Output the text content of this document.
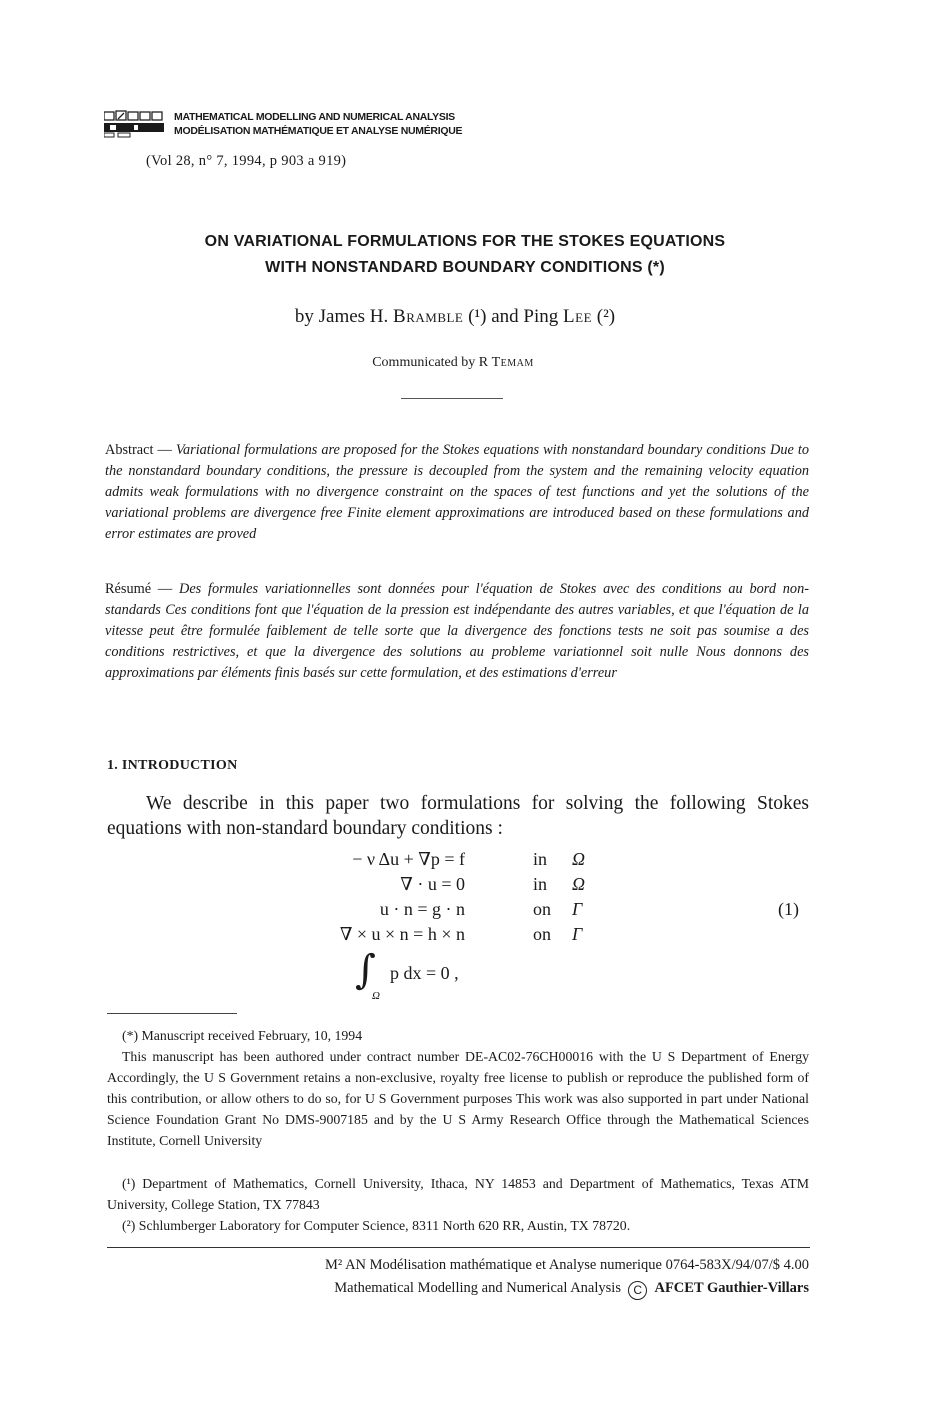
MATHEMATICAL MODELLING AND NUMERICAL ANALYSIS
MODÉLISATION MATHÉMATIQUE ET ANALYSE NUMÉRIQUE
(Vol 28, n° 7, 1994, p 903 a 919)
ON VARIATIONAL FORMULATIONS FOR THE STOKES EQUATIONS
WITH NONSTANDARD BOUNDARY CONDITIONS (*)
by James H. Bramble (¹) and Ping Lee (²)
Communicated by R Temam
Abstract — Variational formulations are proposed for the Stokes equations with nonstandard boundary conditions Due to the nonstandard boundary conditions, the pressure is decoupled from the system and the remaining velocity equation admits weak formulations with no divergence constraint on the spaces of test functions and yet the solutions of the variational problems are divergence free Finite element approximations are introduced based on these formulations and error estimates are proved
Résumé — Des formules variationnelles sont données pour l'équation de Stokes avec des conditions au bord non-standards Ces conditions font que l'équation de la pression est indépendante des autres variables, et que l'équation de la vitesse peut être formulée faiblement de telle sorte que la divergence des fonctions tests ne soit pas soumise a des conditions restrictives, et que la divergence des solutions au probleme variationnel soit nulle Nous donnons des approximations par éléments finis basés sur cette formulation, et des estimations d'erreur
1. INTRODUCTION
  We describe in this paper two formulations for solving the following Stokes equations with non-standard boundary conditions :
− ν Δu + ∇p = f	in Ω
∇ · u = 0	in Ω
u · n = g · n	on Γ
∇ × u × n = h × n	on Γ
(1)
∫
Ω
p dx = 0 ,
(*) Manuscript received February, 10, 1994
This manuscript has been authored under contract number DE-AC02-76CH00016 with the U S Department of Energy Accordingly, the U S Government retains a non-exclusive, royalty free license to publish or reproduce the published form of this contribution, or allow others to do so, for U S Government purposes This work was also supported in part under National Science Foundation Grant No DMS-9007185 and by the U S Army Research Office through the Mathematical Sciences Institute, Cornell University
(¹) Department of Mathematics, Cornell University, Ithaca, NY 14853 and Department of Mathematics, Texas ATM University, College Station, TX 77843
(²) Schlumberger Laboratory for Computer Science, 8311 North 620 RR, Austin, TX 78720.
M² AN Modélisation mathématique et Analyse numerique 0764-583X/94/07/$ 4.00
Mathematical Modelling and Numerical Analysis C AFCET Gauthier-Villars
